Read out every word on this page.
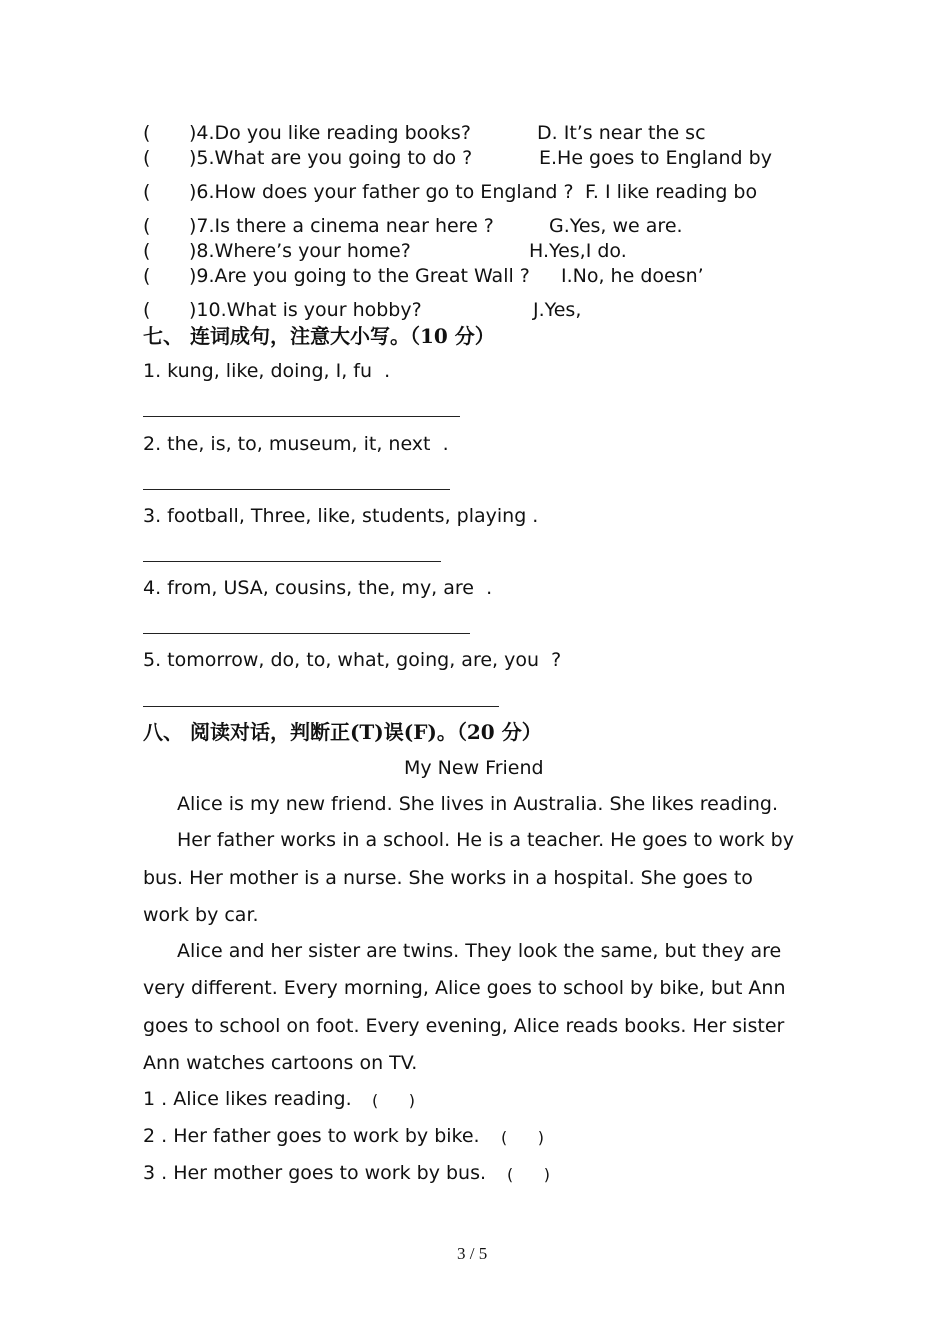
( )4.Do you like reading books?	D. It’s near the sc
( )5.What are you going to do ?	E.He goes to England by
( )6.How does your father go to England ? F. I like reading bo
( )7.Is there a cinema near here ?	G.Yes, we are.
( )8.Where’s your home?	H.Yes,I do.
( )9.Are you going to the Great Wall ? I.No, he doesn’
( )10.What is your hobby?	J.Yes,
七、 连词成句，注意大小写。（10 分）
1. kung, like, doing, I, fu  .
2. the, is, to, museum, it, next  .
3. football, Three, like, students, playing .
4. from, USA, cousins, the, my, are  .
5. tomorrow, do, to, what, going, are, you  ?
八、 阅读对话，判断正(T)误(F)。（20 分）
My New Friend
Alice is my new friend. She lives in Australia. She likes reading.
Her father works in a school. He is a teacher. He goes to work by
bus. Her mother is a nurse. She works in a hospital. She goes to
work by car.
Alice and her sister are twins. They look the same, but they are
very different. Every morning, Alice goes to school by bike, but Ann
goes to school on foot. Every evening, Alice reads books. Her sister
Ann watches cartoons on TV.
1 . Alice likes reading. (      )
2 . Her father goes to work by bike. (      )
3 . Her mother goes to work by bus. (      )
3 / 5
